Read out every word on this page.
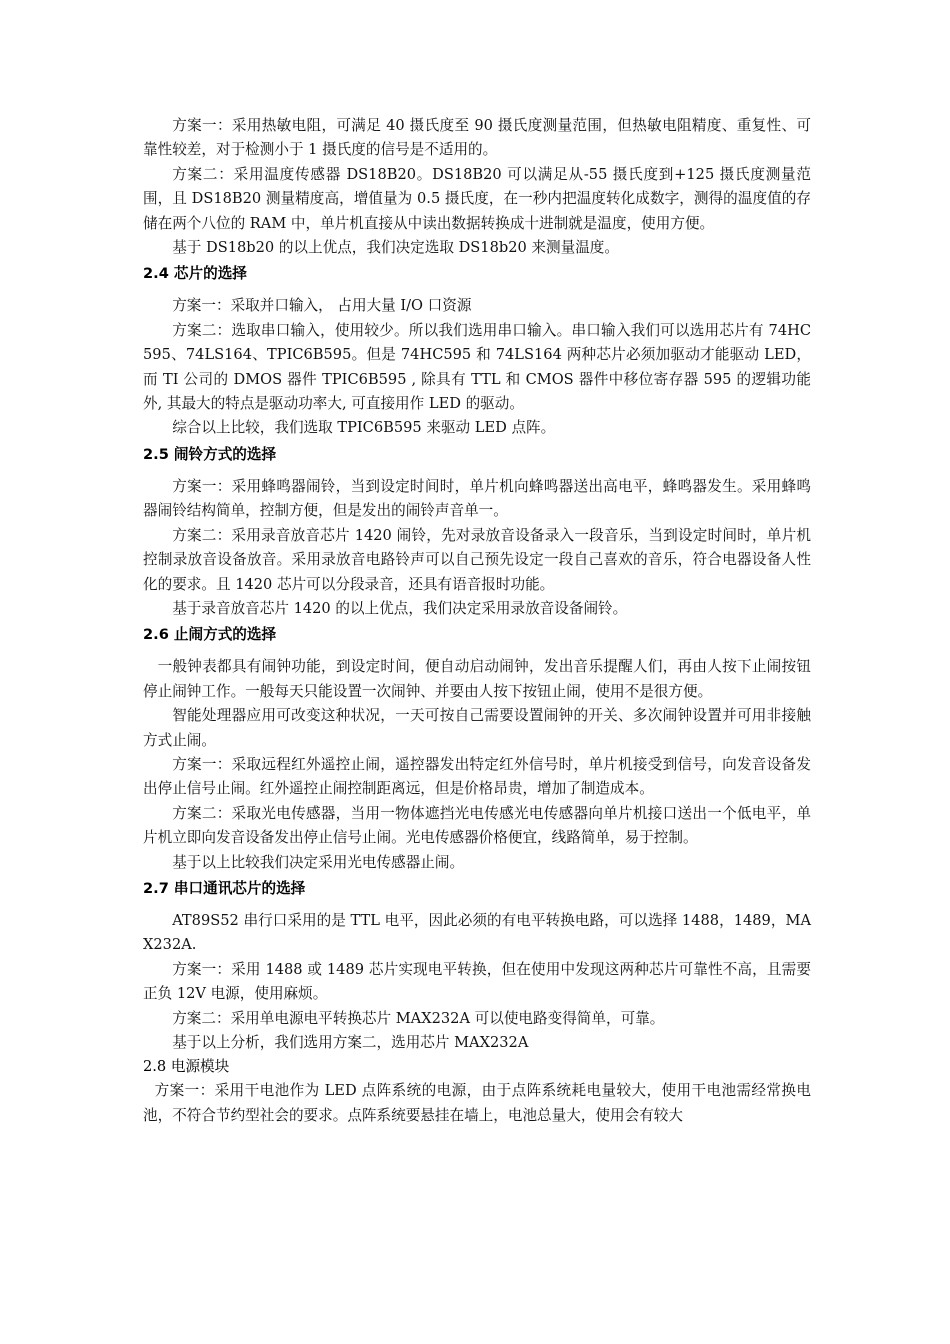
方案一：采用热敏电阻，可满足 40 摄氏度至 90 摄氏度测量范围，但热敏电阻精度、重复性、可靠性较差，对于检测小于 1 摄氏度的信号是不适用的。

方案二：采用温度传感器 DS18B20。DS18B20 可以满足从-55 摄氏度到+125 摄氏度测量范围，且 DS18B20 测量精度高，增值量为 0.5 摄氏度，在一秒内把温度转化成数字，测得的温度值的存储在两个八位的 RAM 中，单片机直接从中读出数据转换成十进制就是温度，使用方便。

基于 DS18b20 的以上优点，我们决定选取 DS18b20 来测量温度。

2.4 芯片的选择

方案一：采取并口输入， 占用大量 I/O 口资源

方案二：选取串口输入，使用较少。所以我们选用串口输入。串口输入我们可以选用芯片有 74HC595、74LS164、TPIC6B595。但是 74HC595 和 74LS164 两种芯片必须加驱动才能驱动 LED，而 TI 公司的 DMOS 器件 TPIC6B595 , 除具有 TTL 和 CMOS 器件中移位寄存器 595 的逻辑功能外, 其最大的特点是驱动功率大, 可直接用作 LED 的驱动。

综合以上比较，我们选取 TPIC6B595 来驱动 LED 点阵。

2.5 闹铃方式的选择

方案一：采用蜂鸣器闹铃，当到设定时间时，单片机向蜂鸣器送出高电平，蜂鸣器发生。采用蜂鸣器闹铃结构简单，控制方便，但是发出的闹铃声音单一。

方案二：采用录音放音芯片 1420 闹铃，先对录放音设备录入一段音乐，当到设定时间时，单片机控制录放音设备放音。采用录放音电路铃声可以自己预先设定一段自己喜欢的音乐，符合电器设备人性化的要求。且 1420 芯片可以分段录音，还具有语音报时功能。

基于录音放音芯片 1420 的以上优点，我们决定采用录放音设备闹铃。

2.6 止闹方式的选择

一般钟表都具有闹钟功能，到设定时间，便自动启动闹钟，发出音乐提醒人们，再由人按下止闹按钮停止闹钟工作。一般每天只能设置一次闹钟、并要由人按下按钮止闹，使用不是很方便。

智能处理器应用可改变这种状况，一天可按自己需要设置闹钟的开关、多次闹钟设置并可用非接触方式止闹。

方案一：采取远程红外遥控止闹，遥控器发出特定红外信号时，单片机接受到信号，向发音设备发出停止信号止闹。红外遥控止闹控制距离远，但是价格昂贵，增加了制造成本。

方案二：采取光电传感器，当用一物体遮挡光电传感光电传感器向单片机接口送出一个低电平，单片机立即向发音设备发出停止信号止闹。光电传感器价格便宜，线路简单，易于控制。

基于以上比较我们决定采用光电传感器止闹。

2.7 串口通讯芯片的选择

AT89S52 串行口采用的是 TTL 电平，因此必须的有电平转换电路，可以选择 1488，1489，MAX232A.

方案一：采用 1488 或 1489 芯片实现电平转换，但在使用中发现这两种芯片可靠性不高，且需要正负 12V 电源，使用麻烦。

方案二：采用单电源电平转换芯片 MAX232A 可以使电路变得简单，可靠。

基于以上分析，我们选用方案二，选用芯片 MAX232A

2.8 电源模块

方案一：采用干电池作为 LED 点阵系统的电源，由于点阵系统耗电量较大，使用干电池需经常换电池，不符合节约型社会的要求。点阵系统要悬挂在墙上，电池总量大，使用会有较大
